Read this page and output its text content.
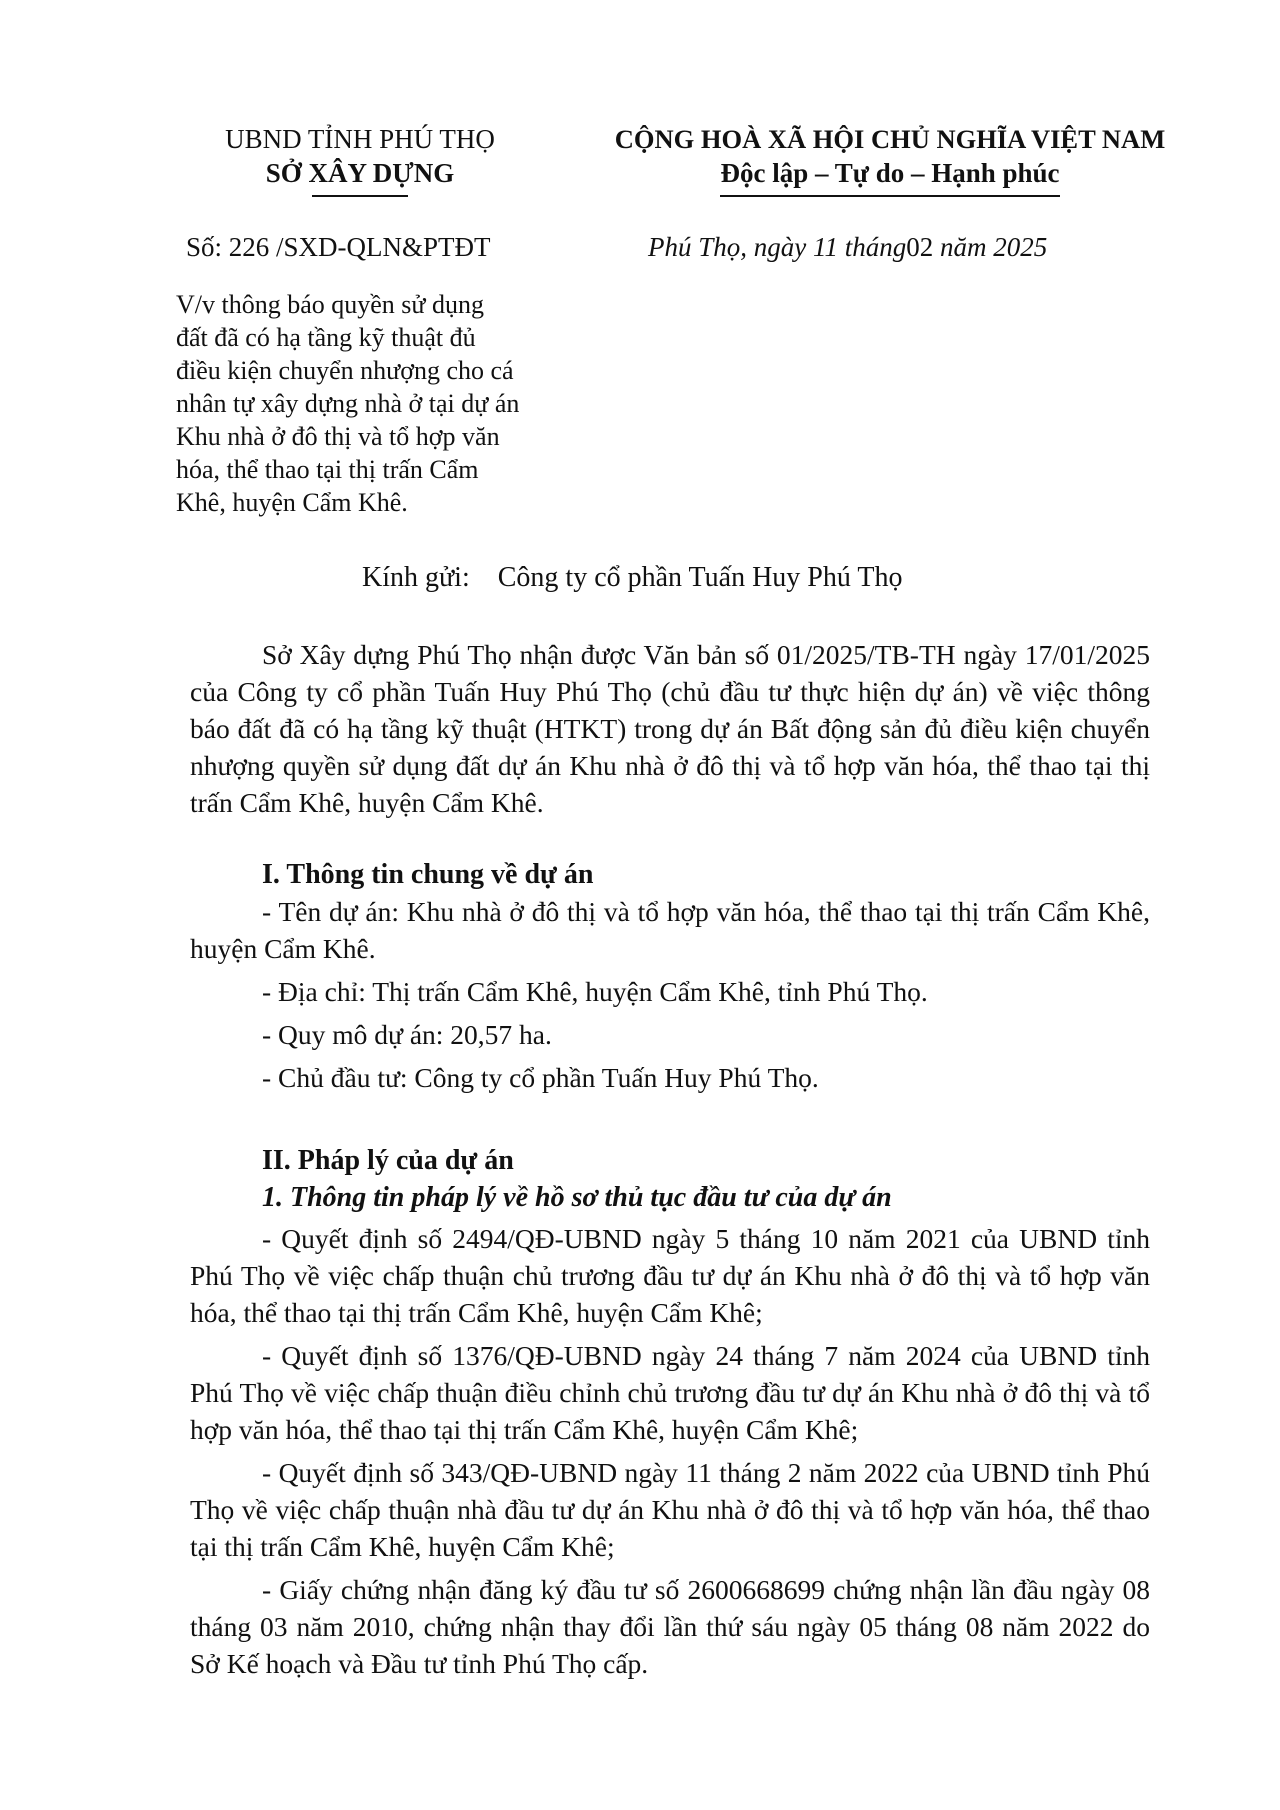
UBND TỈNH PHÚ THỌ
SỞ XÂY DỰNG
CỘNG HOÀ XÃ HỘI CHỦ NGHĨA VIỆT NAM
Độc lập – Tự do – Hạnh phúc
Số: 226 /SXD-QLN&PTĐT	Phú Thọ, ngày 11 tháng02 năm 2025
V/v thông báo quyền sử dụng
đất đã có hạ tầng kỹ thuật đủ
điều kiện chuyển nhượng cho cá
nhân tự xây dựng nhà ở tại dự án
Khu nhà ở đô thị và tổ hợp văn
hóa, thể thao tại thị trấn Cẩm
Khê, huyện Cẩm Khê.
Kính gửi: Công ty cổ phần Tuấn Huy Phú Thọ

Sở Xây dựng Phú Thọ nhận được Văn bản số 01/2025/TB-TH ngày 17/01/2025 của Công ty cổ phần Tuấn Huy Phú Thọ (chủ đầu tư thực hiện dự án) về việc thông báo đất đã có hạ tầng kỹ thuật (HTKT) trong dự án Bất động sản đủ điều kiện chuyển nhượng quyền sử dụng đất dự án Khu nhà ở đô thị và tổ hợp văn hóa, thể thao tại thị trấn Cẩm Khê, huyện Cẩm Khê.

I. Thông tin chung về dự án

- Tên dự án: Khu nhà ở đô thị và tổ hợp văn hóa, thể thao tại thị trấn Cẩm Khê, huyện Cẩm Khê.

- Địa chỉ: Thị trấn Cẩm Khê, huyện Cẩm Khê, tỉnh Phú Thọ.

- Quy mô dự án: 20,57 ha.

- Chủ đầu tư: Công ty cổ phần Tuấn Huy Phú Thọ.

II. Pháp lý của dự án

1. Thông tin pháp lý về hồ sơ thủ tục đầu tư của dự án

- Quyết định số 2494/QĐ-UBND ngày 5 tháng 10 năm 2021 của UBND tỉnh Phú Thọ về việc chấp thuận chủ trương đầu tư dự án Khu nhà ở đô thị và tổ hợp văn hóa, thể thao tại thị trấn Cẩm Khê, huyện Cẩm Khê;

- Quyết định số 1376/QĐ-UBND ngày 24 tháng 7 năm 2024 của UBND tỉnh Phú Thọ về việc chấp thuận điều chỉnh chủ trương đầu tư dự án Khu nhà ở đô thị và tổ hợp văn hóa, thể thao tại thị trấn Cẩm Khê, huyện Cẩm Khê;

- Quyết định số 343/QĐ-UBND ngày 11 tháng 2 năm 2022 của UBND tỉnh Phú Thọ về việc chấp thuận nhà đầu tư dự án Khu nhà ở đô thị và tổ hợp văn hóa, thể thao tại thị trấn Cẩm Khê, huyện Cẩm Khê;

- Giấy chứng nhận đăng ký đầu tư số 2600668699 chứng nhận lần đầu ngày 08 tháng 03 năm 2010, chứng nhận thay đổi lần thứ sáu ngày 05 tháng 08 năm 2022 do Sở Kế hoạch và Đầu tư tỉnh Phú Thọ cấp.
